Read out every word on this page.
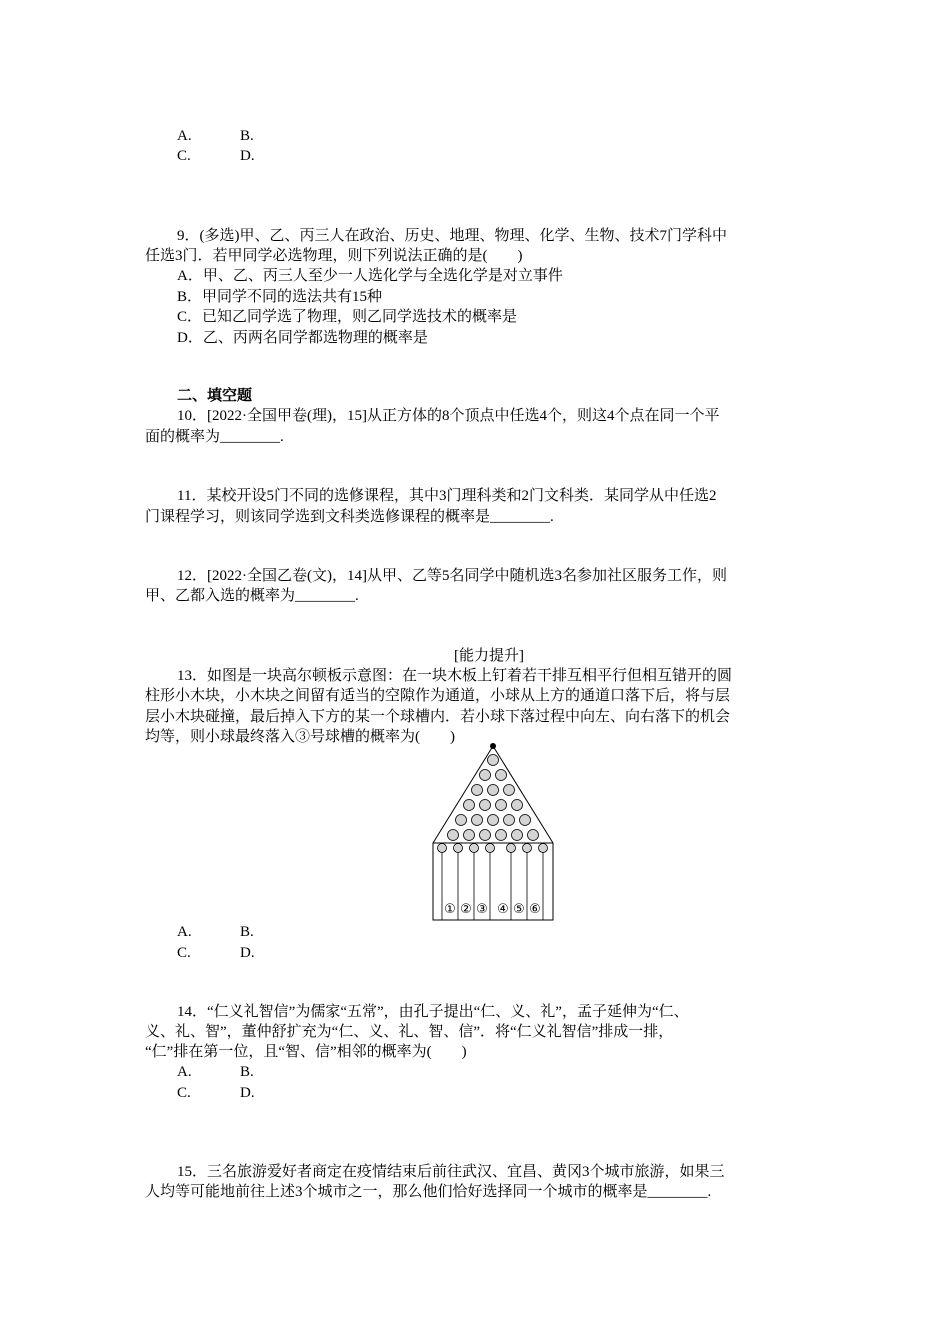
A.	B.
C.	D.
9．(多选)甲、乙、丙三人在政治、历史、地理、物理、化学、生物、技术7门学科中
任选3门．若甲同学必选物理，则下列说法正确的是(　　)
A．甲、乙、丙三人至少一人选化学与全选化学是对立事件
B．甲同学不同的选法共有15种
C．已知乙同学选了物理，则乙同学选技术的概率是
D．乙、丙两名同学都选物理的概率是
二、填空题
10．[2022·全国甲卷(理)，15]从正方体的8个顶点中任选4个，则这4个点在同一个平
面的概率为________.
11．某校开设5门不同的选修课程，其中3门理科类和2门文科类．某同学从中任选2
门课程学习，则该同学选到文科类选修课程的概率是________.
12．[2022·全国乙卷(文)，14]从甲、乙等5名同学中随机选3名参加社区服务工作，则
甲、乙都入选的概率为________.
[能力提升]
13．如图是一块高尔顿板示意图：在一块木板上钉着若干排互相平行但相互错开的圆
柱形小木块，小木块之间留有适当的空隙作为通道，小球从上方的通道口落下后，将与层
层小木块碰撞，最后掉入下方的某一个球槽内．若小球下落过程中向左、向右落下的机会
均等，则小球最终落入③号球槽的概率为(　　)
① ② ③ ④ ⑤ ⑥
A.	B.
C.	D.
14．“仁义礼智信”为儒家“五常”，由孔子提出“仁、义、礼”，孟子延伸为“仁、
义、礼、智”，董仲舒扩充为“仁、义、礼、智、信”．将“仁义礼智信”排成一排，
“仁”排在第一位，且“智、信”相邻的概率为(　　)
A.	B.
C.	D.
15．三名旅游爱好者商定在疫情结束后前往武汉、宜昌、黄冈3个城市旅游，如果三
人均等可能地前往上述3个城市之一，那么他们恰好选择同一个城市的概率是________.
